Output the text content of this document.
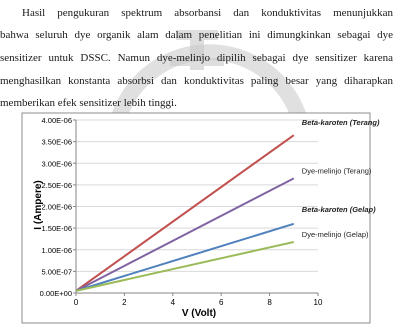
Hasil pengukuran spektrum absorbansi dan konduktivitas menunjukkan
bahwa seluruh dye organik alam dalam penelitian ini dimungkinkan sebagai dye
sensitizer untuk DSSC. Namun dye-melinjo dipilih sebagai dye sensitizer karena
menghasilkan konstanta absorbsi dan konduktivitas paling besar yang diharapkan
memberikan efek sensitizer lebih tinggi.
0.00E+00
5.00E-07
1.00E-06
1.50E-06
2.00E-06
2.50E-06
3.00E-06
3.50E-06
4.00E-06
0	2	4	6	8	10
Beta-karoten (Terang)
Dye-melinjo (Terang)
Beta-karoten (Gelap)
Dye-melinjo (Gelap)
I (Ampere)
V (Volt)
